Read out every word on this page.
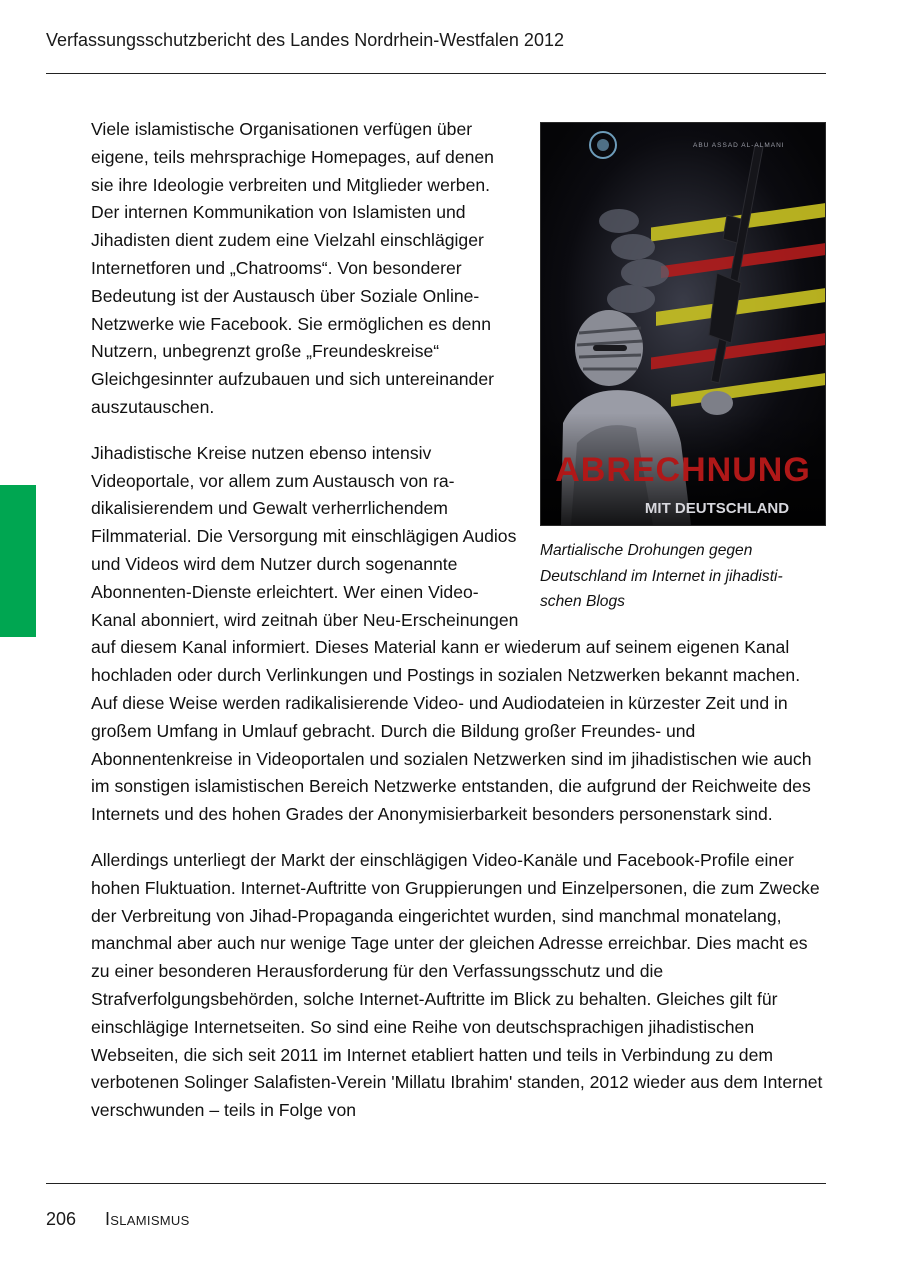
Verfassungsschutzbericht des Landes Nordrhein-Westfalen 2012
ABU ASSAD AL-ALMANI
ABRECHNUNG
MIT DEUTSCHLAND
Martialische Drohungen gegen
Deutschland im Internet in jihadisti-
schen Blogs

Viele islamistische Organisationen verfügen über eigene, teils mehrsprachige Homepages, auf denen sie ihre Ideologie verbreiten und Mitglieder werben. Der internen Kommunikation von Islamisten und Jihadisten dient zudem eine Vielzahl einschlägiger Internetforen und „Chatrooms“. Von besonderer Bedeutung ist der Austausch über Soziale Online-Netzwerke wie Facebook. Sie ermöglichen es denn Nutzern, unbegrenzt große „Freundeskreise“ Gleichgesinnter aufzubauen und sich untereinander auszutauschen.

Jihadistische Kreise nutzen ebenso intensiv Videoportale, vor allem zum Austausch von radikalisierendem und Gewalt verherrlichendem Filmmaterial. Die Versorgung mit einschlägigen Audios und Videos wird dem Nutzer durch sogenannte Abonnenten-Dienste erleichtert. Wer einen Video-Kanal abonniert, wird zeitnah über Neu-Erscheinungen auf diesem Kanal informiert. Dieses Material kann er wiederum auf seinem eigenen Kanal hochladen oder durch Verlinkungen und Postings in sozialen Netzwerken bekannt machen. Auf diese Weise werden radikalisierende Video- und Audiodateien in kürzester Zeit und in großem Umfang in Umlauf gebracht. Durch die Bildung großer Freundes- und Abonnentenkreise in Videoportalen und sozialen Netzwerken sind im jihadistischen wie auch im sonstigen islamistischen Bereich Netzwerke entstanden, die aufgrund der Reichweite des Internets und des hohen Grades der Anonymisierbarkeit besonders personenstark sind.

Allerdings unterliegt der Markt der einschlägigen Video-Kanäle und Facebook-Profile einer hohen Fluktuation. Internet-Auftritte von Gruppierungen und Einzelpersonen, die zum Zwecke der Verbreitung von Jihad-Propaganda eingerichtet wurden, sind manchmal monatelang, manchmal aber auch nur wenige Tage unter der gleichen Adresse erreichbar. Dies macht es zu einer besonderen Herausforderung für den Verfassungsschutz und die Strafverfolgungsbehörden, solche Internet-Auftritte im Blick zu behalten. Gleiches gilt für einschlägige Internetseiten. So sind eine Reihe von deutschsprachigen jihadistischen Webseiten, die sich seit 2011 im Internet etabliert hatten und teils in Verbindung zu dem verbotenen Solinger Salafisten-Verein 'Millatu Ibrahim' standen, 2012 wieder aus dem Internet verschwunden – teils in Folge von

206 Islamismus
